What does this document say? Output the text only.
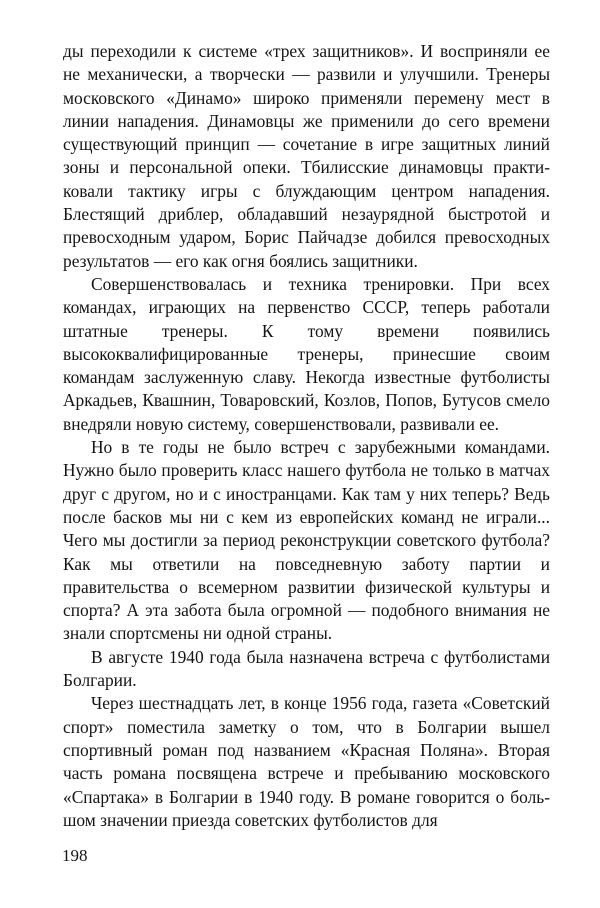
ды переходили к системе «трех защитников». И восприняли ее не механически, а творчески — развили и улучшили. Тренеры московского «Динамо» широко применяли перемену мест в линии нападения. Динамовцы же применили до сего времени существующий принцип — сочетание в игре защитных линий зоны и персональной опеки. Тбилисские динамовцы практиковали тактику игры с блуждающим центром нападения. Блестящий дриблер, обладавший незаурядной быстротой и превосходным ударом, Борис Пайчадзе добился превосходных результатов — его как огня боялись защитники.

Совершенствовалась и техника тренировки. При всех командах, играющих на первенство СССР, теперь работали штатные тренеры. К тому времени появились высококвалифицированные тренеры, принесшие своим командам заслуженную славу. Некогда известные футболисты Аркадьев, Квашнин, Товаровский, Козлов, Попов, Бутусов смело внедряли новую систему, совершенствовали, развивали ее.

Но в те годы не было встреч с зарубежными командами. Нужно было проверить класс нашего футбола не только в матчах друг с другом, но и с иностранцами. Как там у них теперь? Ведь после басков мы ни с кем из европейских команд не играли... Чего мы достигли за период реконструкции советского футбола? Как мы ответили на повседневную заботу партии и правительства о всемерном развитии физической культуры и спорта? А эта забота была огромной — подобного внимания не знали спортсмены ни одной страны.

В августе 1940 года была назначена встреча с футболистами Болгарии.

Через шестнадцать лет, в конце 1956 года, газета «Советский спорт» поместила заметку о том, что в Болгарии вышел спортивный роман под названием «Красная Поляна». Вторая часть романа посвящена встрече и пребыванию московского «Спартака» в Болгарии в 1940 году. В романе говорится о большом значении приезда советских футболистов для

198
